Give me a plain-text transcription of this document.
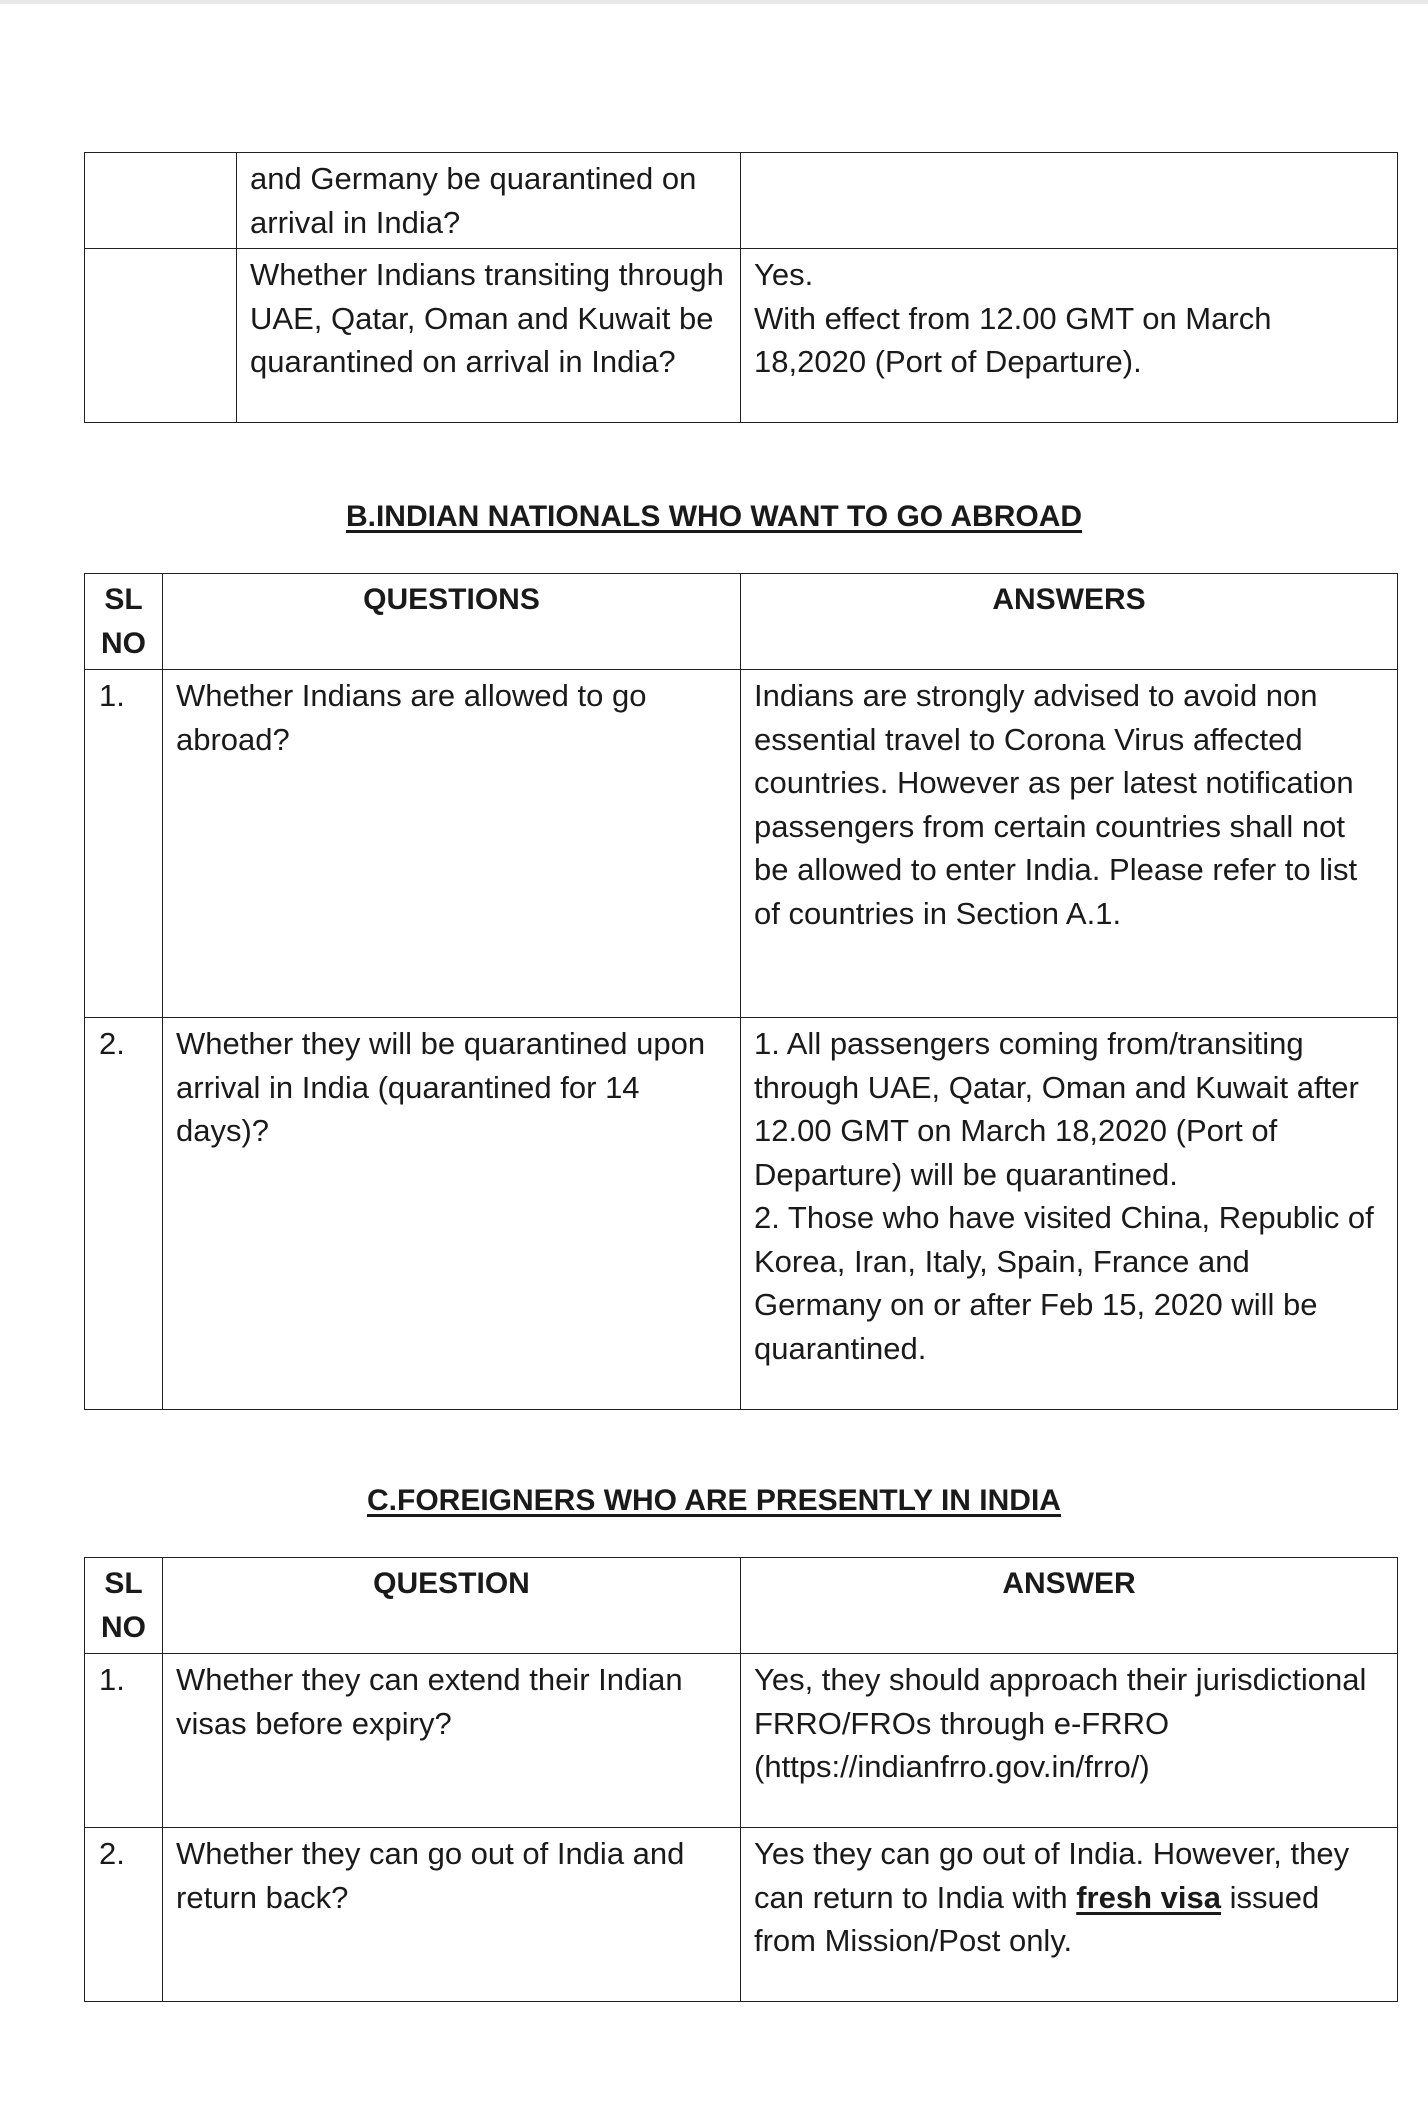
	and Germany be quarantined on arrival in India?	
	Whether Indians transiting through UAE, Qatar, Oman and Kuwait be quarantined on arrival in India?	Yes.
With effect from 12.00 GMT on March 18,2020 (Port of Departure).
B.INDIAN NATIONALS WHO WANT TO GO ABROAD
SL NO	QUESTIONS	ANSWERS
1.	Whether Indians are allowed to go abroad?	Indians are strongly advised to avoid non essential travel to Corona Virus affected countries. However as per latest notification passengers from certain countries shall not be allowed to enter India. Please refer to list of countries in Section A.1.
2.	Whether they will be quarantined upon arrival in India (quarantined for 14 days)?	1. All passengers coming from/transiting through UAE, Qatar, Oman and Kuwait after 12.00 GMT on March 18,2020 (Port of Departure) will be quarantined.
2. Those who have visited China, Republic of Korea, Iran, Italy, Spain, France and Germany on or after Feb 15, 2020 will be quarantined.
C.FOREIGNERS WHO ARE PRESENTLY IN INDIA
SL NO	QUESTION	ANSWER
1.	Whether they can extend their Indian visas before expiry?	Yes, they should approach their jurisdictional FRRO/FROs through e-FRRO (https://indianfrro.gov.in/frro/)
2.	Whether they can go out of India and return back?	Yes they can go out of India. However, they can return to India with fresh visa issued from Mission/Post only.
